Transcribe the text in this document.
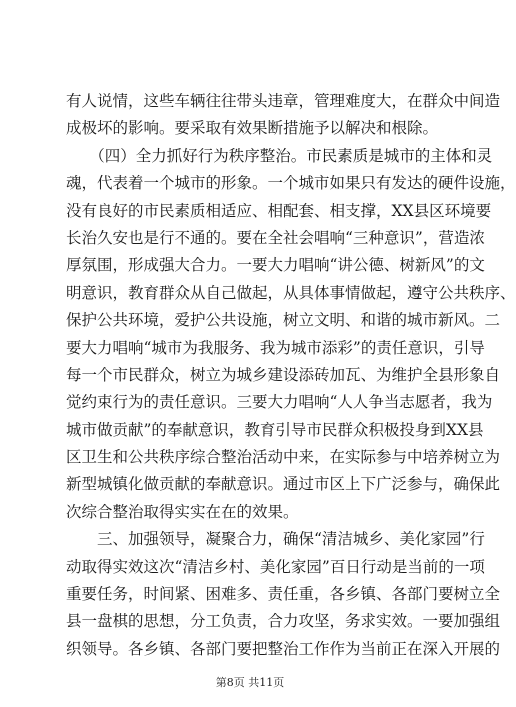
有人说情，这些车辆往往带头违章，管理难度大，在群众中间造
成极坏的影响。要采取有效果断措施予以解决和根除。
　　（四）全力抓好行为秩序整治。市民素质是城市的主体和灵
魂，代表着一个城市的形象。一个城市如果只有发达的硬件设施，
没有良好的市民素质相适应、相配套、相支撑，XX县区环境要
长治久安也是行不通的。要在全社会唱响“三种意识”，营造浓
厚氛围，形成强大合力。一要大力唱响“讲公德、树新风”的文
明意识，教育群众从自己做起，从具体事情做起，遵守公共秩序、
保护公共环境，爱护公共设施，树立文明、和谐的城市新风。二
要大力唱响“城市为我服务、我为城市添彩”的责任意识，引导
每一个市民群众，树立为城乡建设添砖加瓦、为维护全县形象自
觉约束行为的责任意识。三要大力唱响“人人争当志愿者，我为
城市做贡献”的奉献意识，教育引导市民群众积极投身到XX县
区卫生和公共秩序综合整治活动中来，在实际参与中培养树立为
新型城镇化做贡献的奉献意识。通过市区上下广泛参与，确保此
次综合整治取得实实在在的效果。
　　三、加强领导，凝聚合力，确保“清洁城乡、美化家园”行
动取得实效这次“清洁乡村、美化家园”百日行动是当前的一项
重要任务，时间紧、困难多、责任重，各乡镇、各部门要树立全
县一盘棋的思想，分工负责，合力攻坚，务求实效。一要加强组
织领导。各乡镇、各部门要把整治工作作为当前正在深入开展的
第8页 共11页
